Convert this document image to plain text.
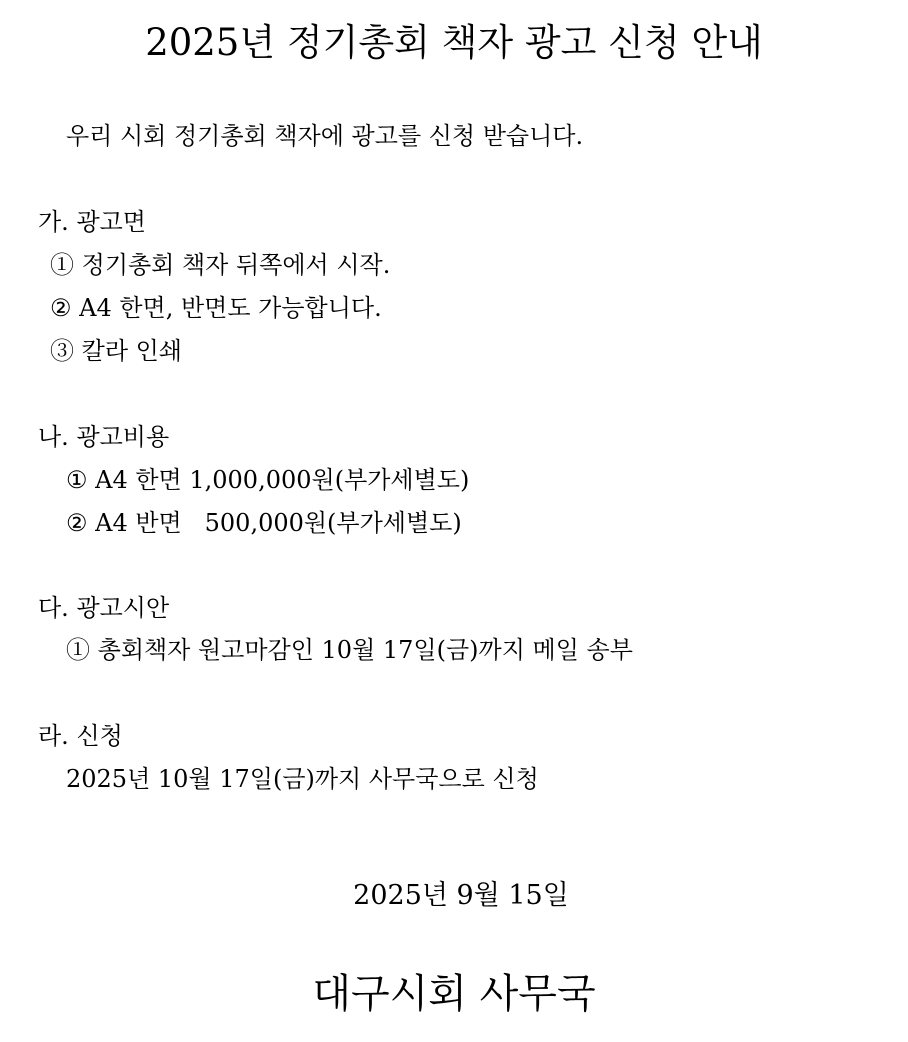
2025년 정기총회 책자 광고 신청 안내
우리 시회 정기총회 책자에 광고를 신청 받습니다.
가. 광고면
① 정기총회 책자 뒤쪽에서 시작.
② A4 한면, 반면도 가능합니다.
③ 칼라 인쇄
나. 광고비용
① A4 한면 1,000,000원(부가세별도)
② A4 반면   500,000원(부가세별도)
다. 광고시안
① 총회책자 원고마감인 10월 17일(금)까지 메일 송부
라. 신청
2025년 10월 17일(금)까지 사무국으로 신청
2025년 9월 15일
대구시회 사무국
